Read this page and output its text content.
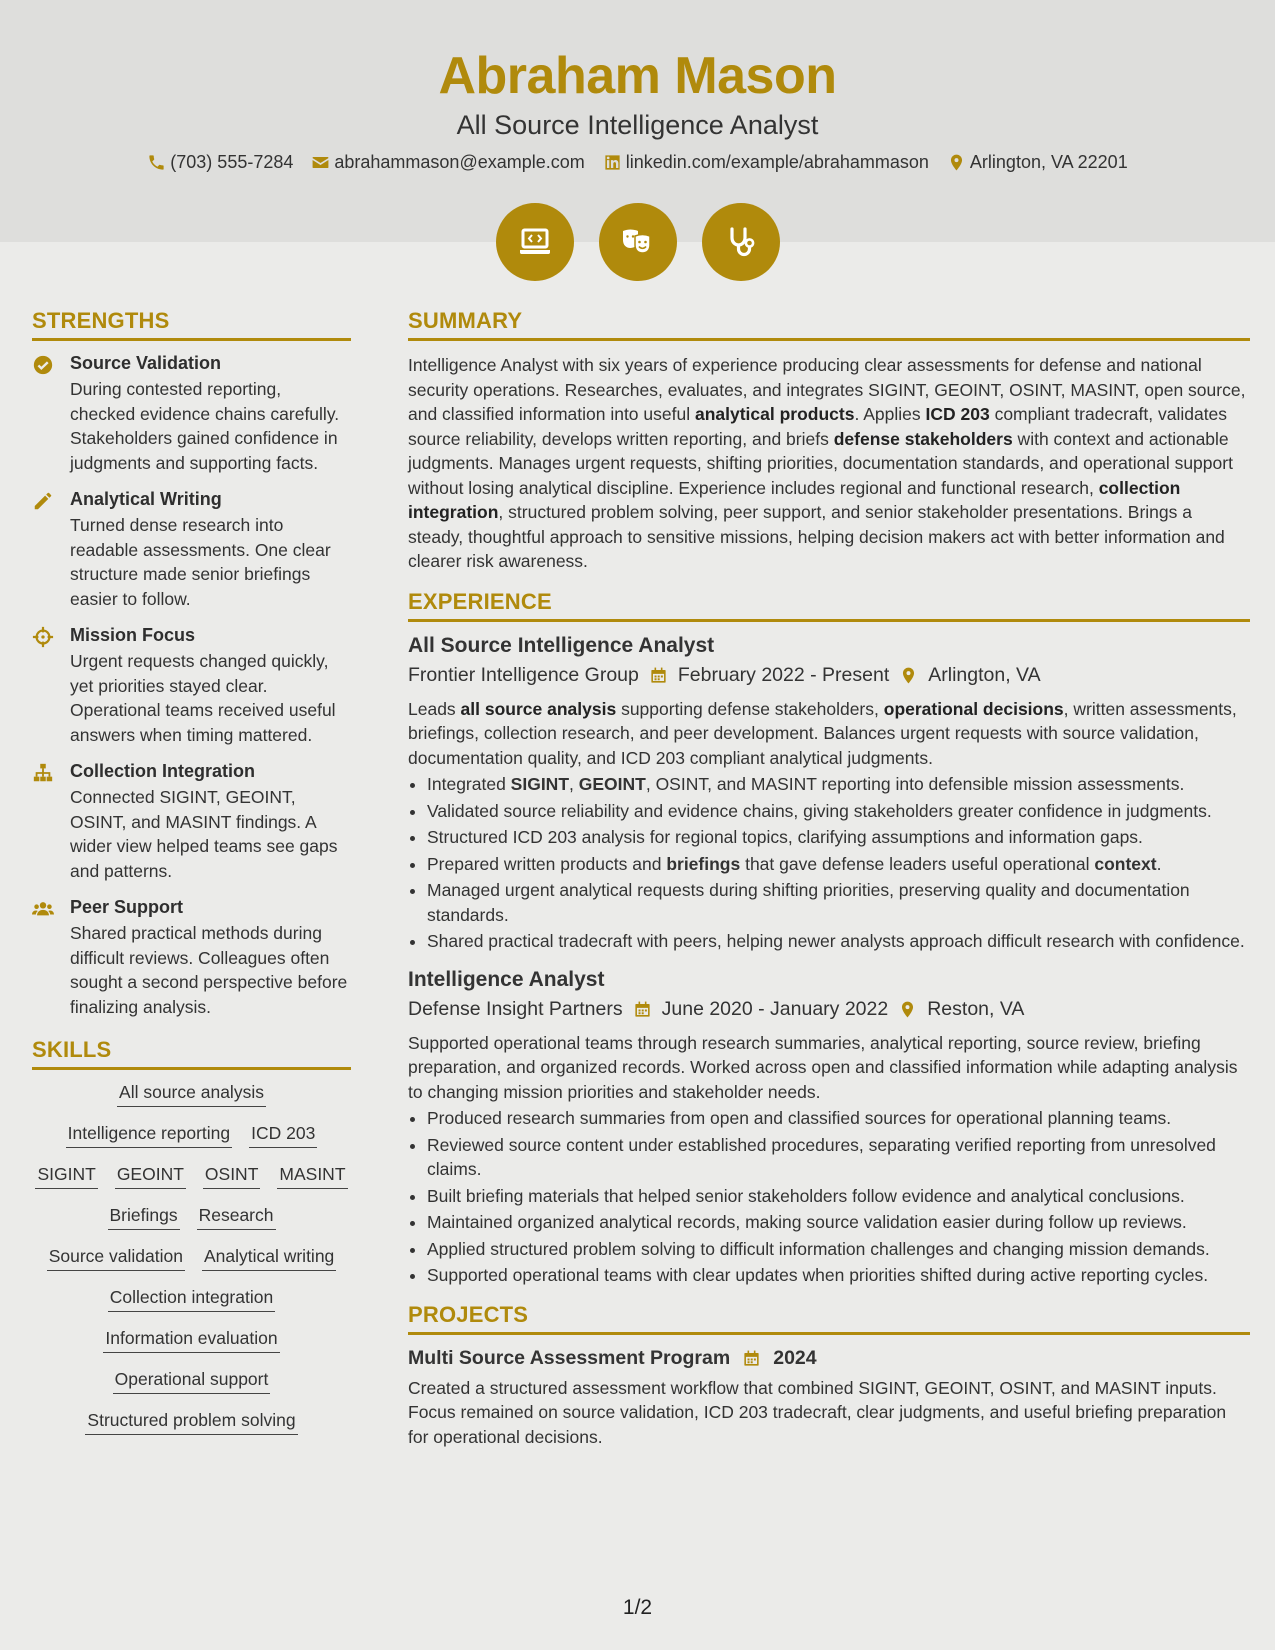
Abraham Mason
All Source Intelligence Analyst
(703) 555-7284 abrahammason@example.com linkedin.com/example/abrahammason Arlington, VA 22201
STRENGTHS
Source Validation
During contested reporting, checked evidence chains carefully. Stakeholders gained confidence in judgments and supporting facts.
Analytical Writing
Turned dense research into readable assessments. One clear structure made senior briefings easier to follow.
Mission Focus
Urgent requests changed quickly, yet priorities stayed clear. Operational teams received useful answers when timing mattered.
Collection Integration
Connected SIGINT, GEOINT, OSINT, and MASINT findings. A wider view helped teams see gaps and patterns.
Peer Support
Shared practical methods during difficult reviews. Colleagues often sought a second perspective before finalizing analysis.
SKILLS
All source analysis
Intelligence reporting ICD 203
SIGINT GEOINT OSINT MASINT
Briefings Research
Source validation Analytical writing
Collection integration
Information evaluation
Operational support
Structured problem solving
SUMMARY
Intelligence Analyst with six years of experience producing clear assessments for defense and national security operations. Researches, evaluates, and integrates SIGINT, GEOINT, OSINT, MASINT, open source, and classified information into useful analytical products. Applies ICD 203 compliant tradecraft, validates source reliability, develops written reporting, and briefs defense stakeholders with context and actionable judgments. Manages urgent requests, shifting priorities, documentation standards, and operational support without losing analytical discipline. Experience includes regional and functional research, collection integration, structured problem solving, peer support, and senior stakeholder presentations. Brings a steady, thoughtful approach to sensitive missions, helping decision makers act with better information and clearer risk awareness.
EXPERIENCE
All Source Intelligence Analyst
Frontier Intelligence Group February 2022 - Present Arlington, VA
Leads all source analysis supporting defense stakeholders, operational decisions, written assessments, briefings, collection research, and peer development. Balances urgent requests with source validation, documentation quality, and ICD 203 compliant analytical judgments.
• Integrated SIGINT, GEOINT, OSINT, and MASINT reporting into defensible mission assessments.
• Validated source reliability and evidence chains, giving stakeholders greater confidence in judgments.
• Structured ICD 203 analysis for regional topics, clarifying assumptions and information gaps.
• Prepared written products and briefings that gave defense leaders useful operational context.
• Managed urgent analytical requests during shifting priorities, preserving quality and documentation standards.
• Shared practical tradecraft with peers, helping newer analysts approach difficult research with confidence.
Intelligence Analyst
Defense Insight Partners June 2020 - January 2022 Reston, VA
Supported operational teams through research summaries, analytical reporting, source review, briefing preparation, and organized records. Worked across open and classified information while adapting analysis to changing mission priorities and stakeholder needs.
• Produced research summaries from open and classified sources for operational planning teams.
• Reviewed source content under established procedures, separating verified reporting from unresolved claims.
• Built briefing materials that helped senior stakeholders follow evidence and analytical conclusions.
• Maintained organized analytical records, making source validation easier during follow up reviews.
• Applied structured problem solving to difficult information challenges and changing mission demands.
• Supported operational teams with clear updates when priorities shifted during active reporting cycles.
PROJECTS
Multi Source Assessment Program 2024
Created a structured assessment workflow that combined SIGINT, GEOINT, OSINT, and MASINT inputs. Focus remained on source validation, ICD 203 tradecraft, clear judgments, and useful briefing preparation for operational decisions.
1/2
